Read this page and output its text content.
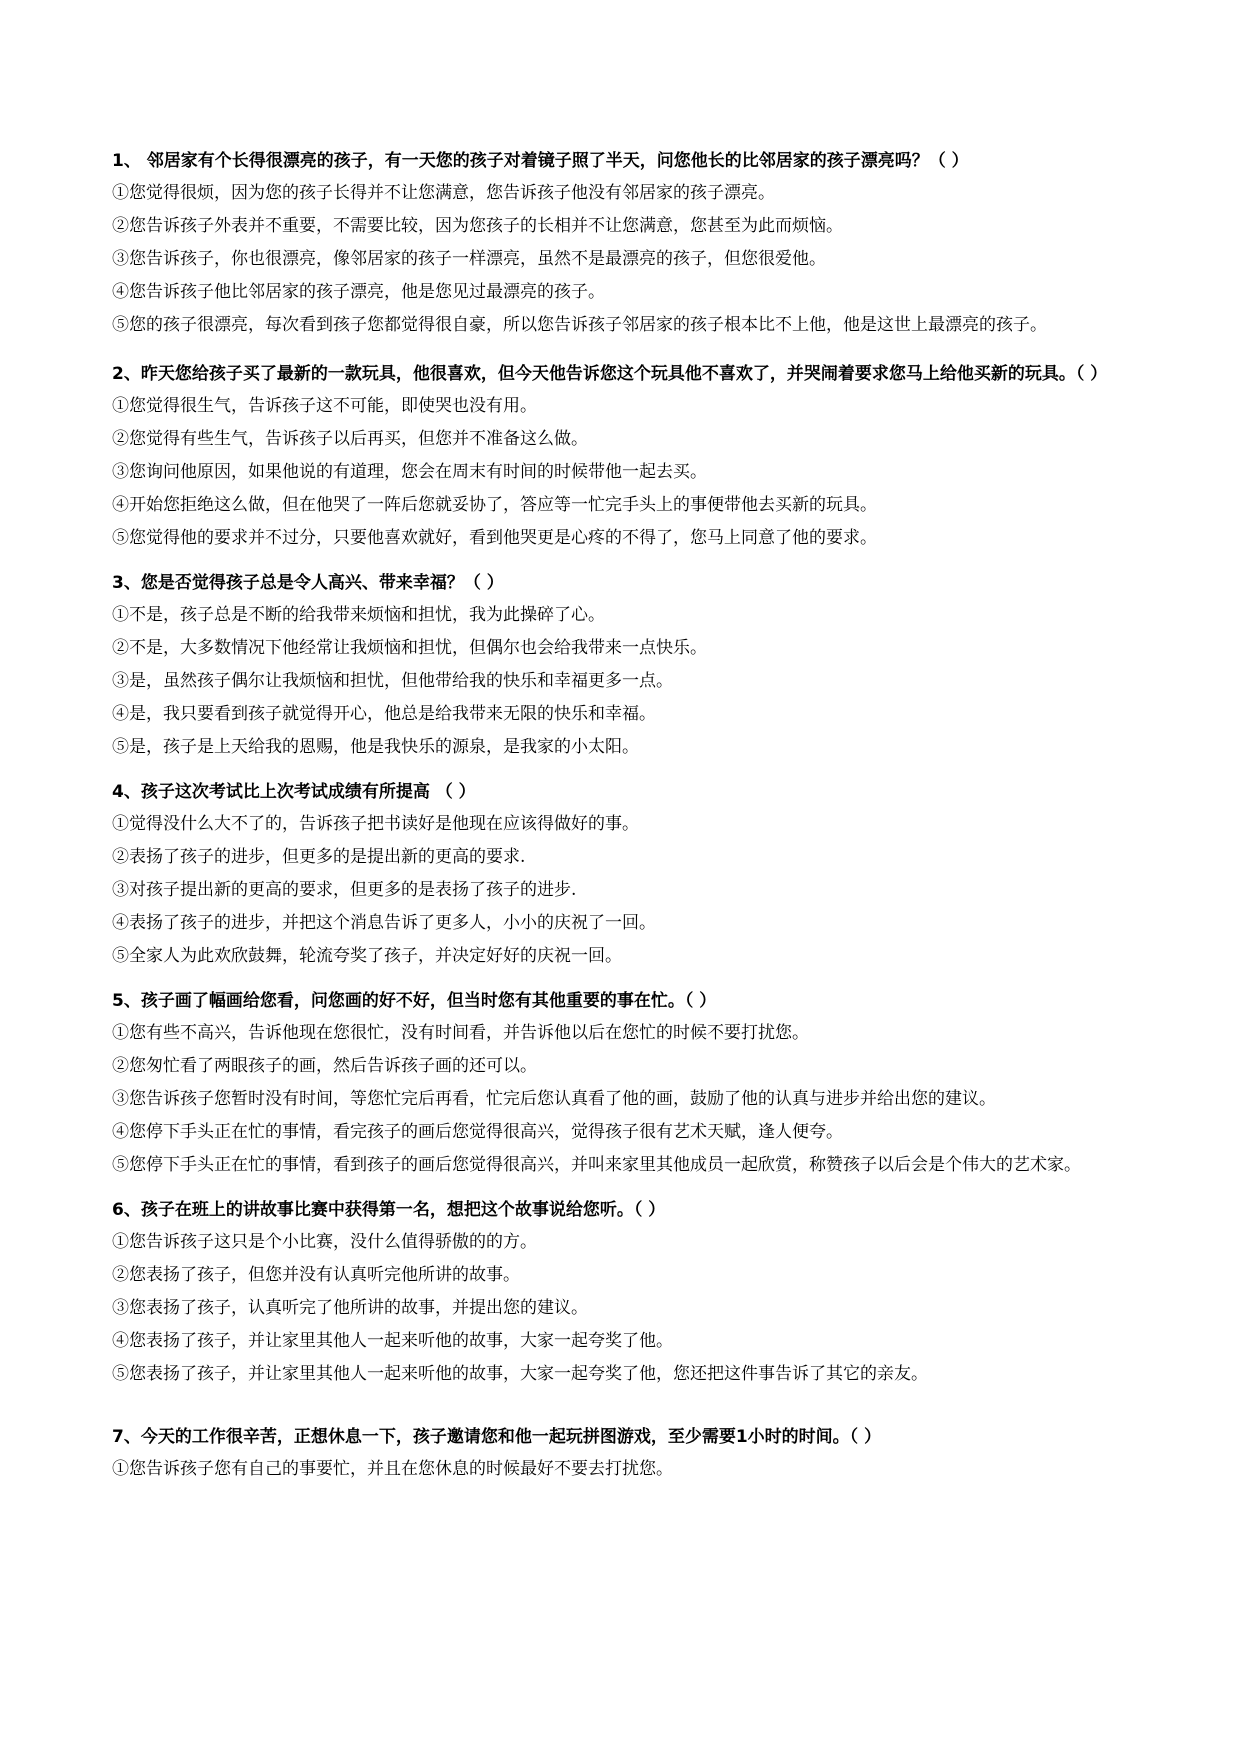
1、 邻居家有个长得很漂亮的孩子，有一天您的孩子对着镜子照了半天，问您他长的比邻居家的孩子漂亮吗？（ ）

①您觉得很烦，因为您的孩子长得并不让您满意，您告诉孩子他没有邻居家的孩子漂亮。

②您告诉孩子外表并不重要，不需要比较，因为您孩子的长相并不让您满意，您甚至为此而烦恼。

③您告诉孩子，你也很漂亮，像邻居家的孩子一样漂亮，虽然不是最漂亮的孩子，但您很爱他。

④您告诉孩子他比邻居家的孩子漂亮，他是您见过最漂亮的孩子。

⑤您的孩子很漂亮，每次看到孩子您都觉得很自豪，所以您告诉孩子邻居家的孩子根本比不上他，他是这世上最漂亮的孩子。

2、昨天您给孩子买了最新的一款玩具，他很喜欢，但今天他告诉您这个玩具他不喜欢了，并哭闹着要求您马上给他买新的玩具。（ ）

①您觉得很生气，告诉孩子这不可能，即使哭也没有用。

②您觉得有些生气，告诉孩子以后再买，但您并不准备这么做。

③您询问他原因，如果他说的有道理，您会在周末有时间的时候带他一起去买。

④开始您拒绝这么做，但在他哭了一阵后您就妥协了，答应等一忙完手头上的事便带他去买新的玩具。

⑤您觉得他的要求并不过分，只要他喜欢就好，看到他哭更是心疼的不得了，您马上同意了他的要求。

3、您是否觉得孩子总是令人高兴、带来幸福？（ ）

①不是，孩子总是不断的给我带来烦恼和担忧，我为此操碎了心。

②不是，大多数情况下他经常让我烦恼和担忧，但偶尔也会给我带来一点快乐。

③是，虽然孩子偶尔让我烦恼和担忧，但他带给我的快乐和幸福更多一点。

④是，我只要看到孩子就觉得开心，他总是给我带来无限的快乐和幸福。

⑤是，孩子是上天给我的恩赐，他是我快乐的源泉，是我家的小太阳。

4、孩子这次考试比上次考试成绩有所提高 （ ）

①觉得没什么大不了的，告诉孩子把书读好是他现在应该得做好的事。

②表扬了孩子的进步，但更多的是提出新的更高的要求.

③对孩子提出新的更高的要求，但更多的是表扬了孩子的进步.

④表扬了孩子的进步，并把这个消息告诉了更多人，小小的庆祝了一回。

⑤全家人为此欢欣鼓舞，轮流夸奖了孩子，并决定好好的庆祝一回。

5、孩子画了幅画给您看，问您画的好不好，但当时您有其他重要的事在忙。（ ）

①您有些不高兴，告诉他现在您很忙，没有时间看，并告诉他以后在您忙的时候不要打扰您。

②您匆忙看了两眼孩子的画，然后告诉孩子画的还可以。

③您告诉孩子您暂时没有时间，等您忙完后再看，忙完后您认真看了他的画，鼓励了他的认真与进步并给出您的建议。

④您停下手头正在忙的事情，看完孩子的画后您觉得很高兴，觉得孩子很有艺术天赋，逢人便夸。

⑤您停下手头正在忙的事情，看到孩子的画后您觉得很高兴，并叫来家里其他成员一起欣赏，称赞孩子以后会是个伟大的艺术家。

6、孩子在班上的讲故事比赛中获得第一名，想把这个故事说给您听。（ ）

①您告诉孩子这只是个小比赛，没什么值得骄傲的的方。

②您表扬了孩子，但您并没有认真听完他所讲的故事。

③您表扬了孩子，认真听完了他所讲的故事，并提出您的建议。

④您表扬了孩子，并让家里其他人一起来听他的故事，大家一起夸奖了他。

⑤您表扬了孩子，并让家里其他人一起来听他的故事，大家一起夸奖了他，您还把这件事告诉了其它的亲友。

7、今天的工作很辛苦，正想休息一下，孩子邀请您和他一起玩拼图游戏，至少需要1小时的时间。（ ）

①您告诉孩子您有自己的事要忙，并且在您休息的时候最好不要去打扰您。
